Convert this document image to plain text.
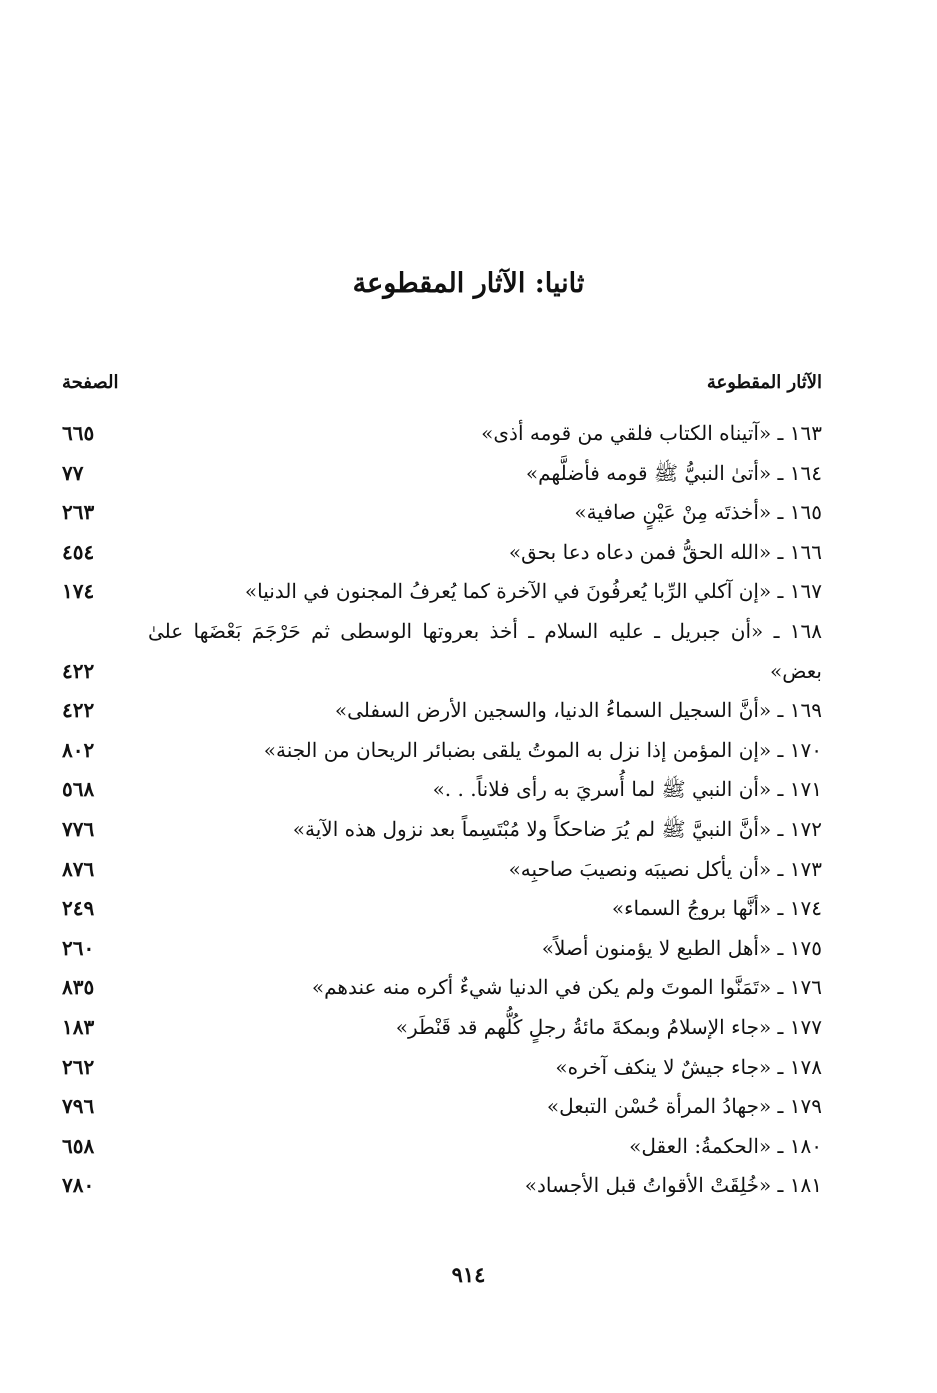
ثانيا: الآثار المقطوعة
الآثار المقطوعة
الصفحة
١٦٣ ـ «آتيناه الكتاب فلقي من قومه أذى»
٦٦٥
١٦٤ ـ «أتىٰ النبيُّ ﷺ قومه فأضلَّهم»
٧٧
١٦٥ ـ «أخذتَه مِنْ عَيْنٍ صافية»
٢٦٣
١٦٦ ـ «الله الحقُّ فمن دعاه دعا بحق»
٤٥٤
١٦٧ ـ «إن آكلي الرِّبا يُعرفُونَ في الآخرة كما يُعرفُ المجنون في الدنيا»
١٧٤
١٦٨ ـ «أن جبريل ـ عليه السلام ـ أخذ بعروتها الوسطى ثم حَرْجَمَ بَعْضَها علىٰ بعض»
٤٢٢
١٦٩ ـ «أنَّ السجيل السماءُ الدنيا، والسجين الأرض السفلى»
٤٢٢
١٧٠ ـ «إن المؤمن إذا نزل به الموتُ يلقى بضبائر الريحان من الجنة»
٨٠٢
١٧١ ـ «أن النبي ﷺ لما أُسريَ به رأى فلاناً. . .»
٥٦٨
١٧٢ ـ «أنَّ النبيَّ ﷺ لم يُرَ ضاحكاً ولا مُبْتَسِماً بعد نزول هذه الآية»
٧٧٦
١٧٣ ـ «أن يأكل نصيبَه ونصيبَ صاحبِه»
٨٧٦
١٧٤ ـ «أنَّها بروجُ السماء»
٢٤٩
١٧٥ ـ «أهل الطبع لا يؤمنون أصلاً»
٢٦٠
١٧٦ ـ «تَمَنَّوا الموتَ ولم يكن في الدنيا شيءٌ أكره منه عندهم»
٨٣٥
١٧٧ ـ «جاء الإسلامُ وبمكةَ مائةُ رجلٍ كُلُّهم قد قَنْطَر»
١٨٣
١٧٨ ـ «جاء جيشٌ لا ينكف آخره»
٢٦٢
١٧٩ ـ «جهادُ المرأة حُسْن التبعل»
٧٩٦
١٨٠ ـ «الحكمةُ: العقل»
٦٥٨
١٨١ ـ «خُلِقَتْ الأقواتُ قبل الأجساد»
٧٨٠
٩١٤
